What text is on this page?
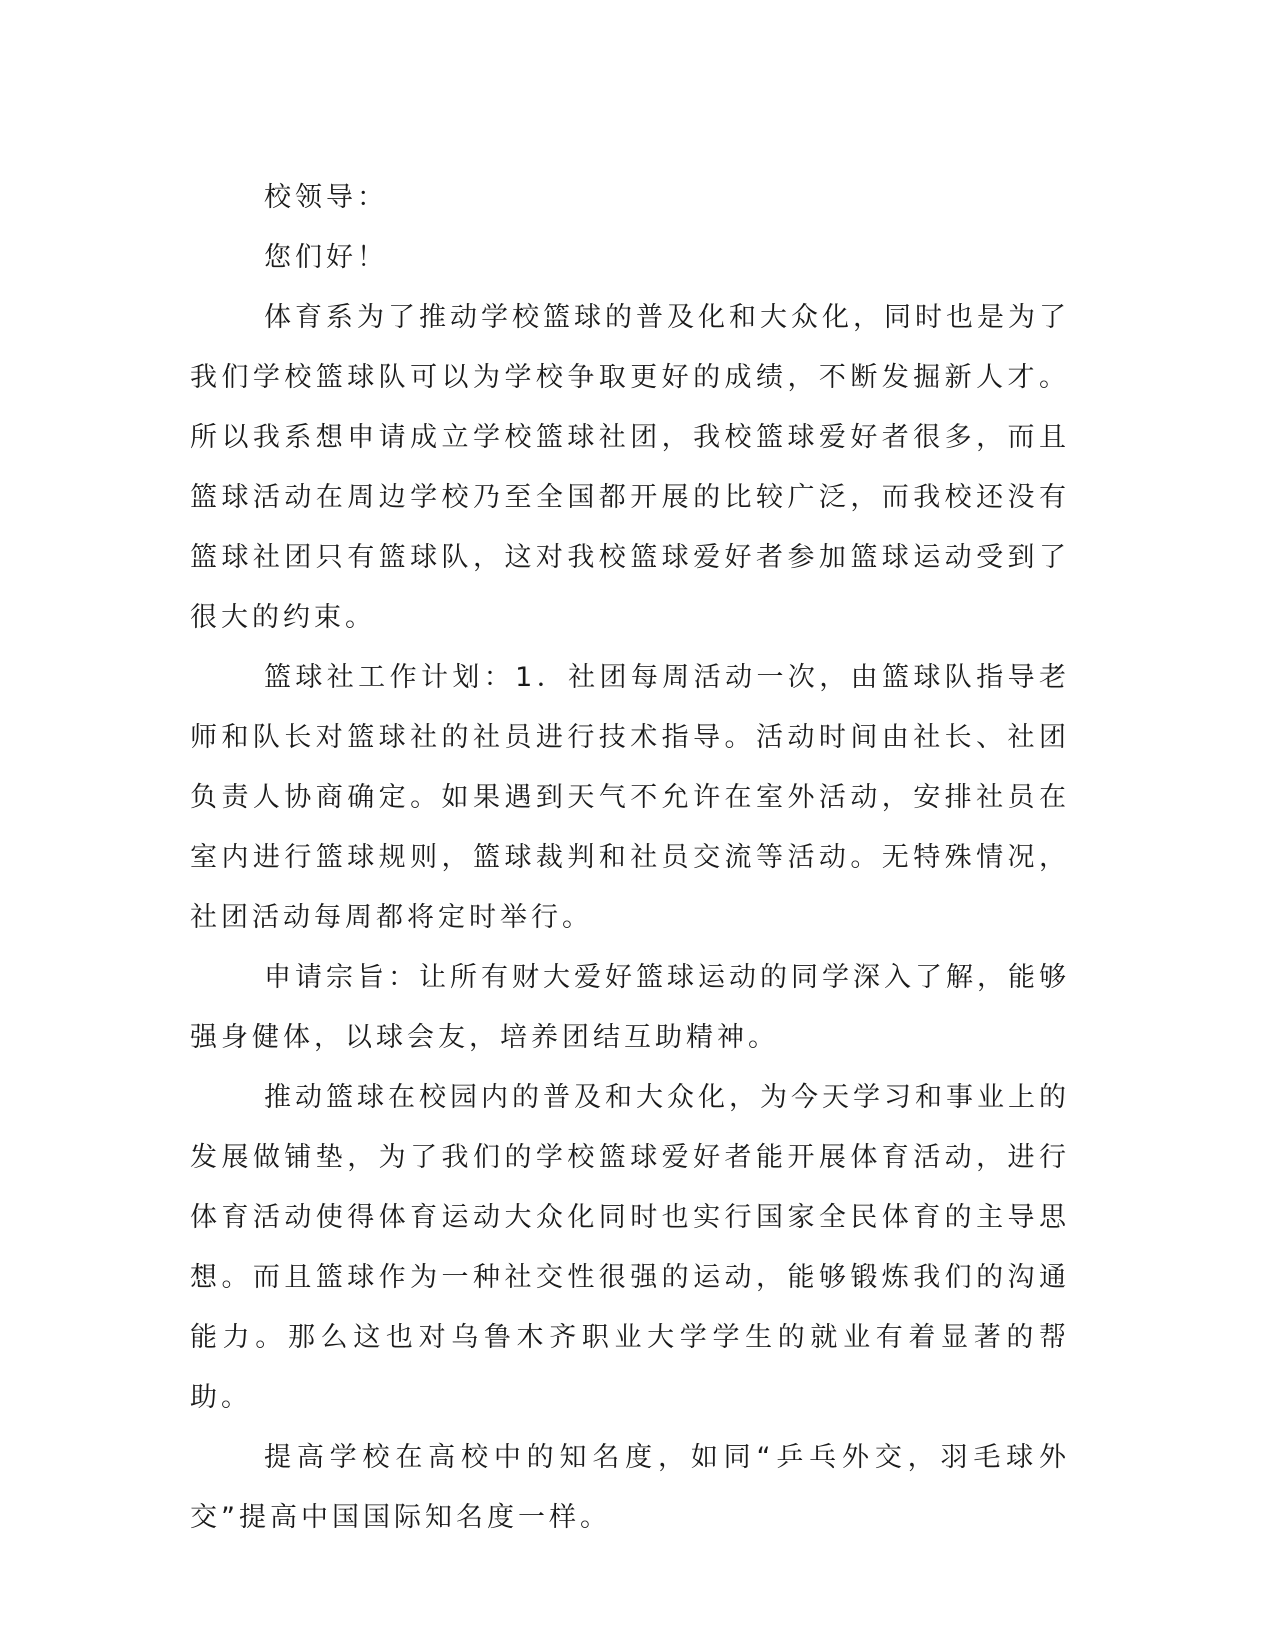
校领导：

您们好！

体育系为了推动学校篮球的普及化和大众化，同时也是为了我们学校篮球队可以为学校争取更好的成绩，不断发掘新人才。所以我系想申请成立学校篮球社团，我校篮球爱好者很多，而且篮球活动在周边学校乃至全国都开展的比较广泛，而我校还没有篮球社团只有篮球队，这对我校篮球爱好者参加篮球运动受到了很大的约束。

篮球社工作计划：1．社团每周活动一次，由篮球队指导老师和队长对篮球社的社员进行技术指导。活动时间由社长、社团负责人协商确定。如果遇到天气不允许在室外活动，安排社员在室内进行篮球规则，篮球裁判和社员交流等活动。无特殊情况，社团活动每周都将定时举行。

申请宗旨：让所有财大爱好篮球运动的同学深入了解，能够强身健体，以球会友，培养团结互助精神。

推动篮球在校园内的普及和大众化，为今天学习和事业上的发展做铺垫，为了我们的学校篮球爱好者能开展体育活动，进行体育活动使得体育运动大众化同时也实行国家全民体育的主导思想。而且篮球作为一种社交性很强的运动，能够锻炼我们的沟通能力。那么这也对乌鲁木齐职业大学学生的就业有着显著的帮助。

提高学校在高校中的知名度，如同“乒乓外交，羽毛球外交”提高中国国际知名度一样。
